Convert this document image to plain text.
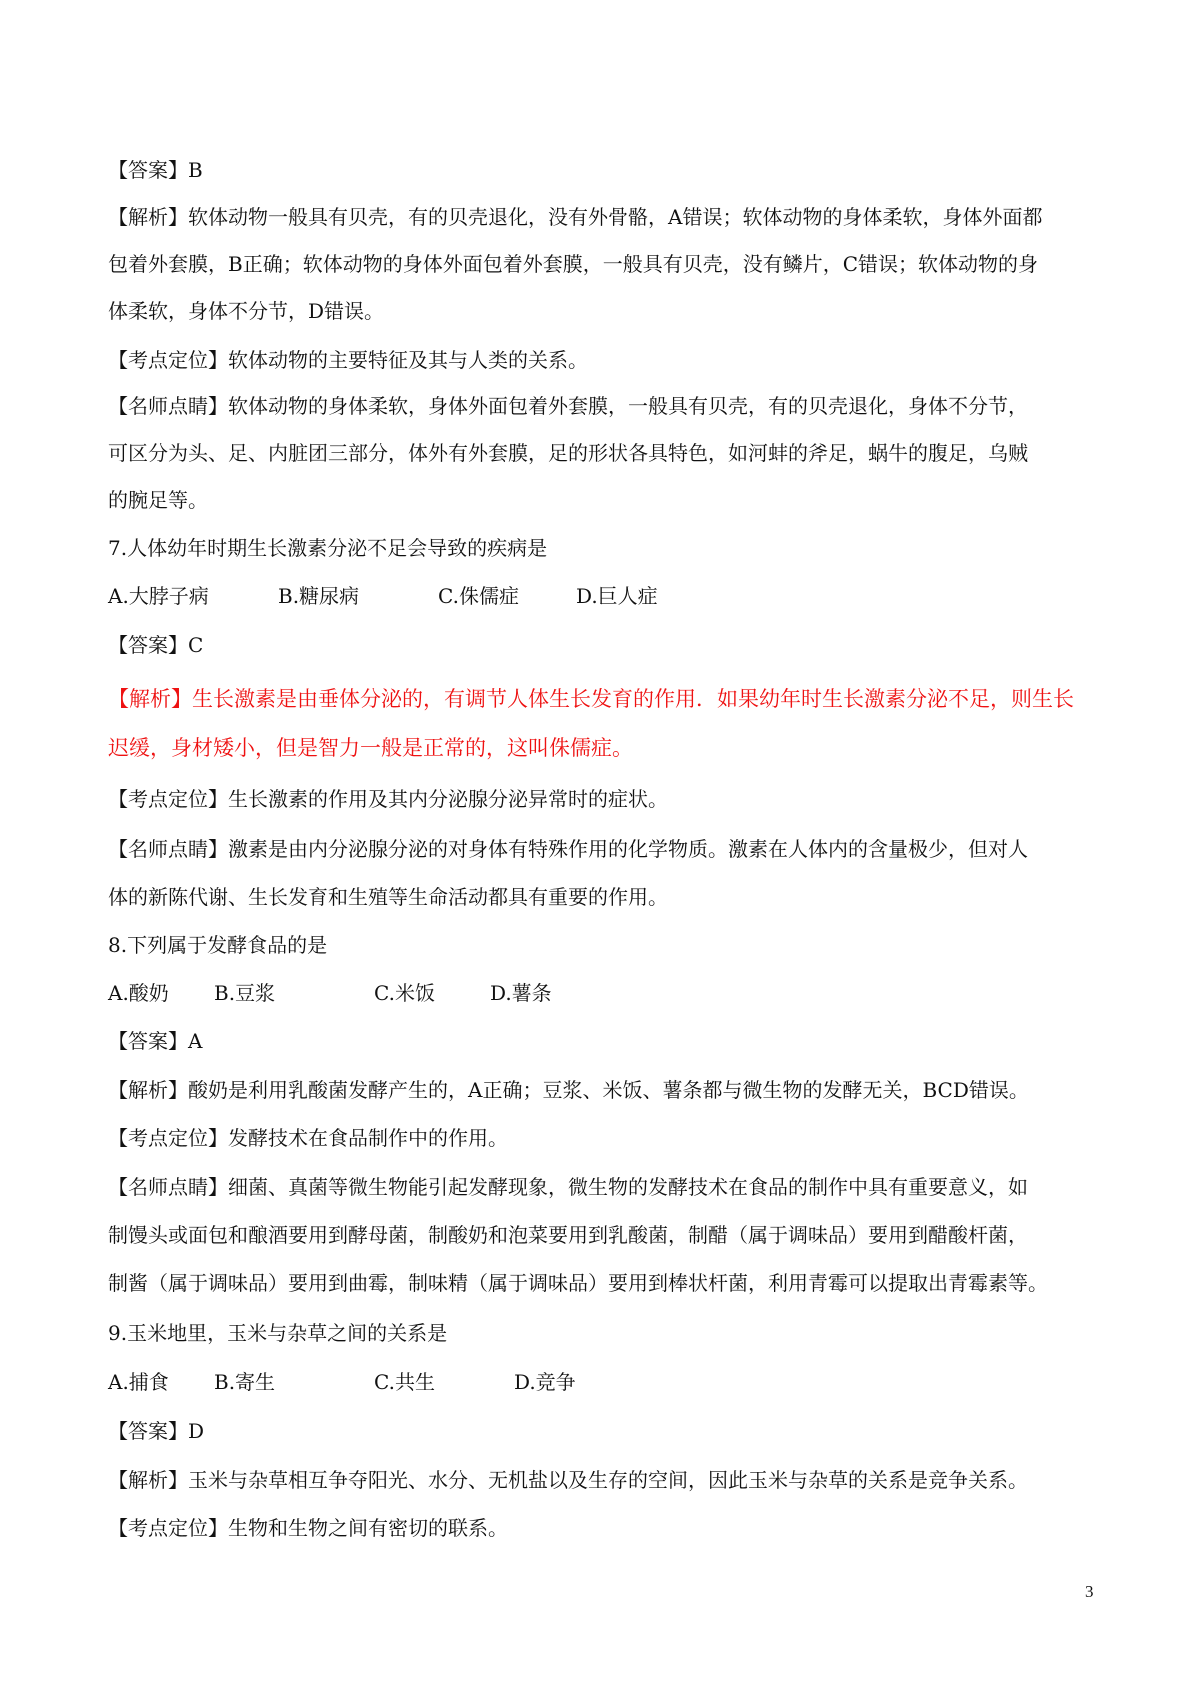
【答案】B
【解析】软体动物一般具有贝壳，有的贝壳退化，没有外骨骼，A错误；软体动物的身体柔软，身体外面都
包着外套膜，B正确；软体动物的身体外面包着外套膜，一般具有贝壳，没有鳞片，C错误；软体动物的身
体柔软，身体不分节，D错误。
【考点定位】软体动物的主要特征及其与人类的关系。
【名师点睛】软体动物的身体柔软，身体外面包着外套膜，一般具有贝壳，有的贝壳退化，身体不分节，
可区分为头、足、内脏团三部分，体外有外套膜，足的形状各具特色，如河蚌的斧足，蜗牛的腹足，乌贼
的腕足等。
7.人体幼年时期生长激素分泌不足会导致的疾病是
A.大脖子病	B.糖尿病	C.侏儒症	D.巨人症
【答案】C
【解析】生长激素是由垂体分泌的，有调节人体生长发育的作用．如果幼年时生长激素分泌不足，则生长
迟缓，身材矮小，但是智力一般是正常的，这叫侏儒症。
【考点定位】生长激素的作用及其内分泌腺分泌异常时的症状。
【名师点睛】激素是由内分泌腺分泌的对身体有特殊作用的化学物质。激素在人体内的含量极少，但对人
体的新陈代谢、生长发育和生殖等生命活动都具有重要的作用。
8.下列属于发酵食品的是
A.酸奶 B.豆浆	C.米饭	D.薯条
【答案】A
【解析】酸奶是利用乳酸菌发酵产生的，A正确；豆浆、米饭、薯条都与微生物的发酵无关，BCD错误。
【考点定位】发酵技术在食品制作中的作用。
【名师点睛】细菌、真菌等微生物能引起发酵现象，微生物的发酵技术在食品的制作中具有重要意义，如
制馒头或面包和酿酒要用到酵母菌，制酸奶和泡菜要用到乳酸菌，制醋（属于调味品）要用到醋酸杆菌，
制酱（属于调味品）要用到曲霉，制味精（属于调味品）要用到棒状杆菌，利用青霉可以提取出青霉素等。
9.玉米地里，玉米与杂草之间的关系是
A.捕食 B.寄生	C.共生	D.竞争
【答案】D
【解析】玉米与杂草相互争夺阳光、水分、无机盐以及生存的空间，因此玉米与杂草的关系是竞争关系。
【考点定位】生物和生物之间有密切的联系。
3
